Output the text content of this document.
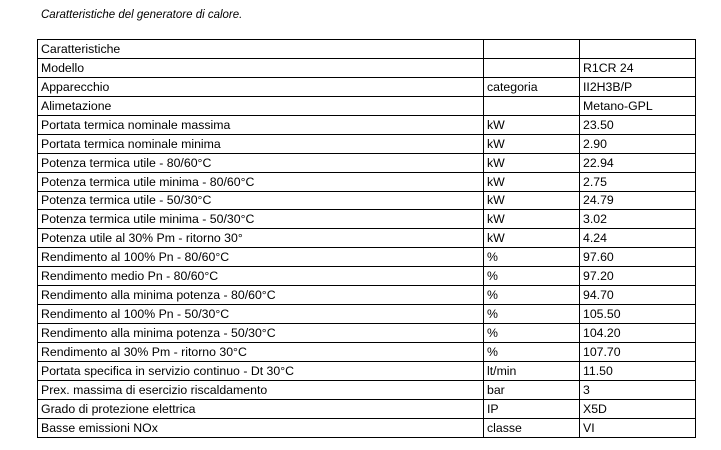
Caratteristiche del generatore di calore.
Caratteristiche		
Modello		R1CR 24
Apparecchio	categoria	II2H3B/P
Alimetazione		Metano-GPL
Portata termica nominale massima	kW	23.50
Portata termica nominale minima	kW	2.90
Potenza termica utile - 80/60°C	kW	22.94
Potenza termica utile minima - 80/60°C	kW	2.75
Potenza termica utile - 50/30°C	kW	24.79
Potenza termica utile minima - 50/30°C	kW	3.02
Potenza utile al 30% Pm - ritorno 30°	kW	4.24
Rendimento al 100% Pn - 80/60°C	%	97.60
Rendimento medio Pn - 80/60°C	%	97.20
Rendimento alla minima potenza - 80/60°C	%	94.70
Rendimento al 100% Pn - 50/30°C	%	105.50
Rendimento alla minima potenza - 50/30°C	%	104.20
Rendimento al 30% Pm - ritorno 30°C	%	107.70
Portata specifica in servizio continuo - Dt 30°C	lt/min	11.50
Prex. massima di esercizio riscaldamento	bar	3
Grado di protezione elettrica	IP	X5D
Basse emissioni NOx	classe	VI
